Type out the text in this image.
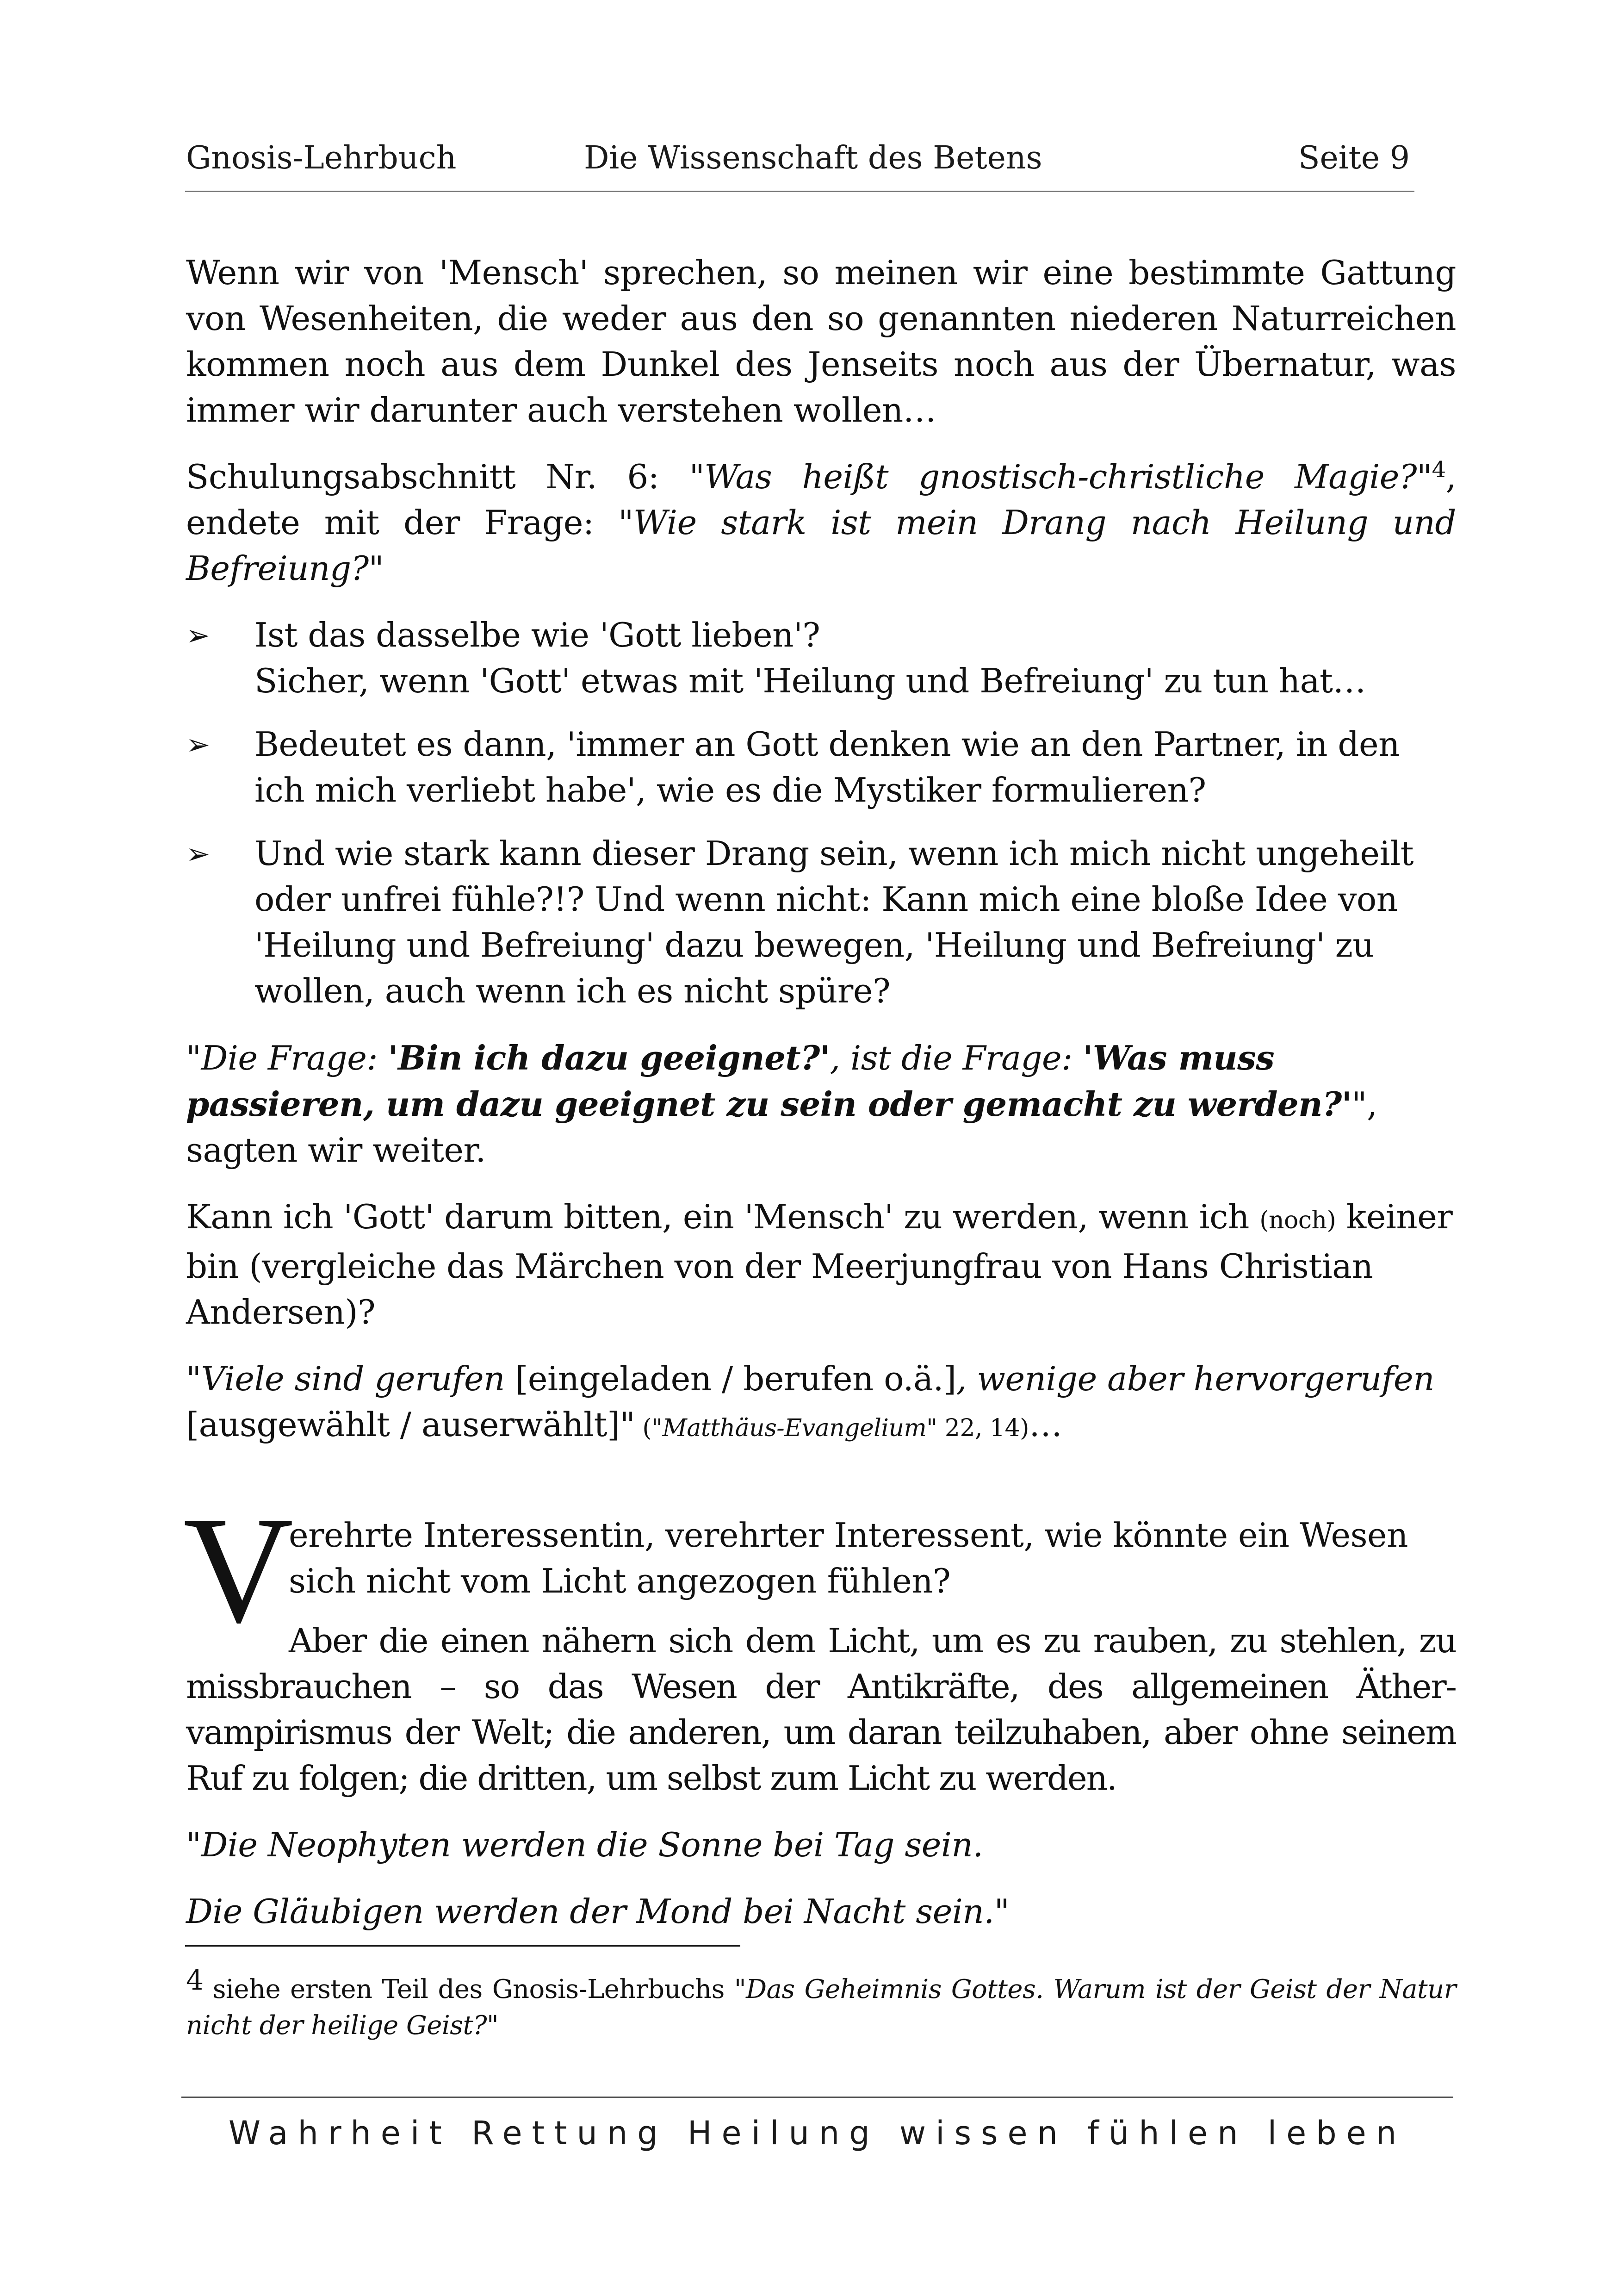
Gnosis-Lehrbuch	Die Wissenschaft des Betens	Seite 9

Wenn wir von 'Mensch' sprechen, so meinen wir eine bestimmte Gattung von Wesenheiten, die weder aus den so genannten niederen Naturreichen kommen noch aus dem Dunkel des Jenseits noch aus der Übernatur, was immer wir darunter auch verstehen wollen…

Schulungsabschnitt Nr. 6: "Was heißt gnostisch-christliche Magie?"$^4$, endete mit der Frage: "Wie stark ist mein Drang nach Heilung und Befreiung?"

➢ Ist das dasselbe wie 'Gott lieben'?
Sicher, wenn 'Gott' etwas mit 'Heilung und Befreiung' zu tun hat…
➢ Bedeutet es dann, 'immer an Gott denken wie an den Partner, in den ich mich verliebt habe', wie es die Mystiker formulieren?
➢ Und wie stark kann dieser Drang sein, wenn ich mich nicht ungeheilt oder unfrei fühle?!? Und wenn nicht: Kann mich eine bloße Idee von 'Heilung und Befreiung' dazu bewegen, 'Heilung und Befreiung' zu wollen, auch wenn ich es nicht spüre?

"Die Frage: 'Bin ich dazu geeignet?', ist die Frage: 'Was muss passieren, um dazu geeignet zu sein oder gemacht zu werden?'", sagten wir weiter.

Kann ich 'Gott' darum bitten, ein 'Mensch' zu werden, wenn ich (noch) keiner bin (vergleiche das Märchen von der Meerjungfrau von Hans Christian Andersen)?

"Viele sind gerufen [eingeladen / berufen o.ä.], wenige aber hervorgerufen [ausgewählt / auserwählt]" ("Matthäus-Evangelium" 22, 14)…

V

erehrte Interessentin, verehrter Interessent, wie könnte ein Wesen sich nicht vom Licht angezogen fühlen?

Aber die einen nähern sich dem Licht, um es zu rauben, zu stehlen, zu missbrauchen – so das Wesen der Antikräfte, des allgemeinen Äther-vampirismus der Welt; die anderen, um daran teilzuhaben, aber ohne seinem Ruf zu folgen; die dritten, um selbst zum Licht zu werden.

"Die Neophyten werden die Sonne bei Tag sein.

Die Gläubigen werden der Mond bei Nacht sein."

4 siehe ersten Teil des Gnosis-Lehrbuchs "Das Geheimnis Gottes. Warum ist der Geist der Natur nicht der heilige Geist?"
Wahrheit Rettung Heilung wissen fühlen leben
